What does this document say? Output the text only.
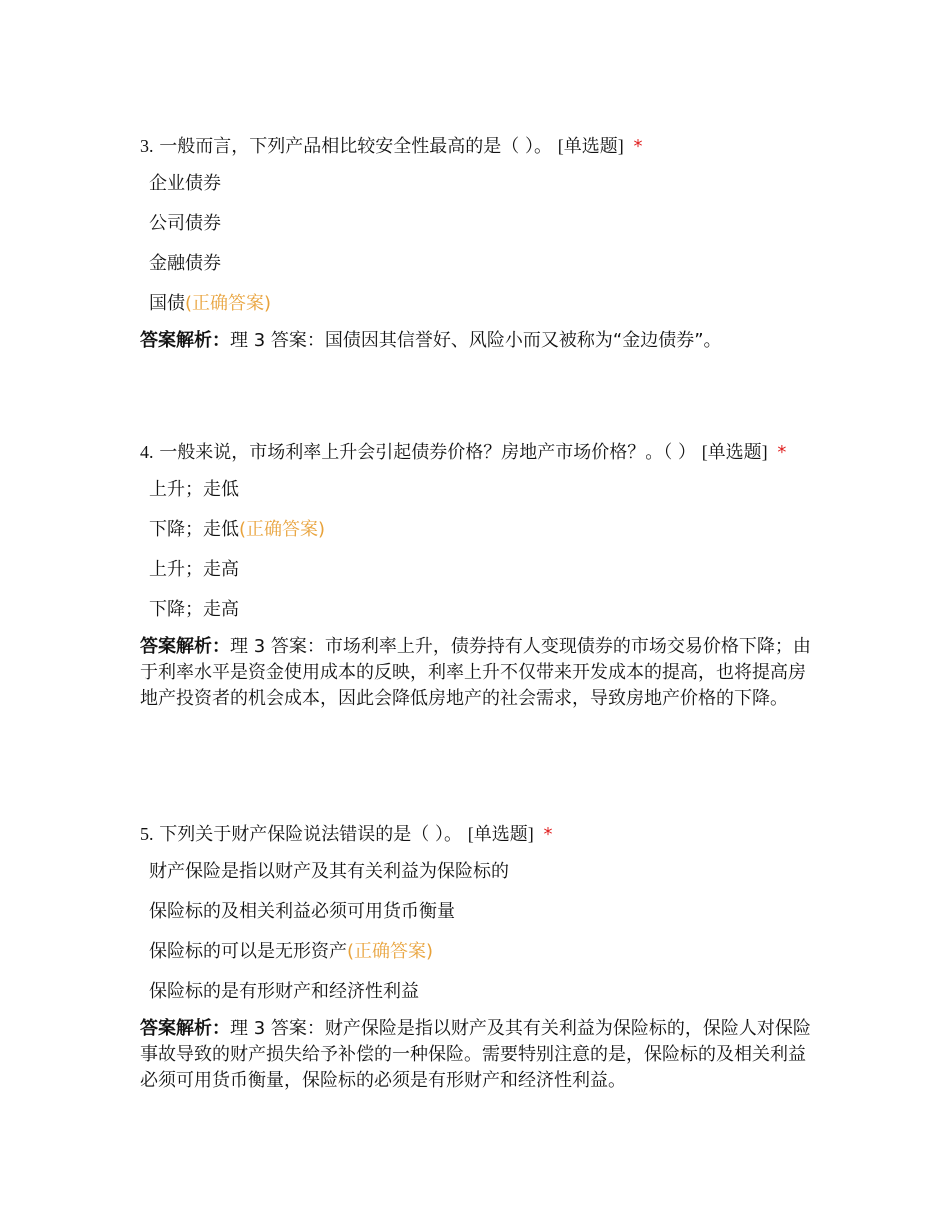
3. 一般而言，下列产品相比较安全性最高的是（ ）。 [单选题] *
企业债券
公司债券
金融债券
国债(正确答案)
答案解析：理 3 答案：国债因其信誉好、风险小而又被称为“金边债券”。
4. 一般来说，市场利率上升会引起债券价格？房地产市场价格？。（ ） [单选题] *
上升；走低
下降；走低(正确答案)
上升；走高
下降；走高
答案解析：理 3 答案：市场利率上升，债券持有人变现债券的市场交易价格下降；由于利率水平是资金使用成本的反映，利率上升不仅带来开发成本的提高，也将提高房地产投资者的机会成本，因此会降低房地产的社会需求，导致房地产价格的下降。
5. 下列关于财产保险说法错误的是（ ）。 [单选题] *
财产保险是指以财产及其有关利益为保险标的
保险标的及相关利益必须可用货币衡量
保险标的可以是无形资产(正确答案)
保险标的是有形财产和经济性利益
答案解析：理 3 答案：财产保险是指以财产及其有关利益为保险标的，保险人对保险事故导致的财产损失给予补偿的一种保险。需要特别注意的是，保险标的及相关利益必须可用货币衡量，保险标的必须是有形财产和经济性利益。
